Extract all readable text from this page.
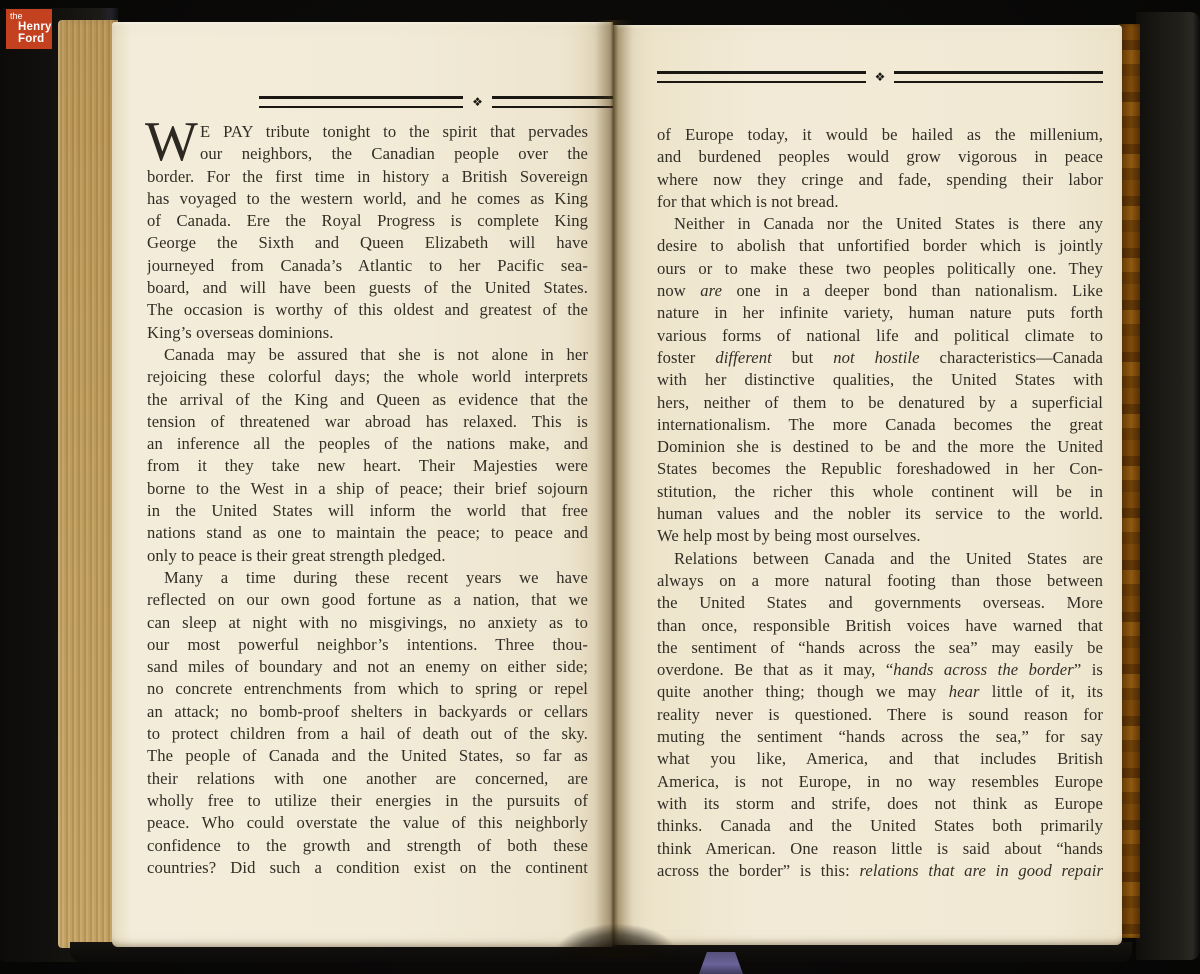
❖
❖
W E PAY tribute tonight to the spirit that pervades
our neighbors, the Canadian people over the
border. For the first time in history a British Sovereign
has voyaged to the western world, and he comes as King
of Canada. Ere the Royal Progress is complete King
George the Sixth and Queen Elizabeth will have
journeyed from Canada’s Atlantic to her Pacific sea-
board, and will have been guests of the United States.
The occasion is worthy of this oldest and greatest of the
King’s overseas dominions.
Canada may be assured that she is not alone in her
rejoicing these colorful days; the whole world interprets
the arrival of the King and Queen as evidence that the
tension of threatened war abroad has relaxed. This is
an inference all the peoples of the nations make, and
from it they take new heart. Their Majesties were
borne to the West in a ship of peace; their brief sojourn
in the United States will inform the world that free
nations stand as one to maintain the peace; to peace and
only to peace is their great strength pledged.
Many a time during these recent years we have
reflected on our own good fortune as a nation, that we
can sleep at night with no misgivings, no anxiety as to
our most powerful neighbor’s intentions. Three thou-
sand miles of boundary and not an enemy on either side;
no concrete entrenchments from which to spring or repel
an attack; no bomb-proof shelters in backyards or cellars
to protect children from a hail of death out of the sky.
The people of Canada and the United States, so far as
their relations with one another are concerned, are
wholly free to utilize their energies in the pursuits of
peace. Who could overstate the value of this neighborly
confidence to the growth and strength of both these
countries? Did such a condition exist on the continent
of Europe today, it would be hailed as the millenium,
and burdened peoples would grow vigorous in peace
where now they cringe and fade, spending their labor
for that which is not bread.
Neither in Canada nor the United States is there any
desire to abolish that unfortified border which is jointly
ours or to make these two peoples politically one. They
now are one in a deeper bond than nationalism. Like
nature in her infinite variety, human nature puts forth
various forms of national life and political climate to
foster different but not hostile characteristics—Canada
with her distinctive qualities, the United States with
hers, neither of them to be denatured by a superficial
internationalism. The more Canada becomes the great
Dominion she is destined to be and the more the United
States becomes the Republic foreshadowed in her Con-
stitution, the richer this whole continent will be in
human values and the nobler its service to the world.
We help most by being most ourselves.
Relations between Canada and the United States are
always on a more natural footing than those between
the United States and governments overseas. More
than once, responsible British voices have warned that
the sentiment of “hands across the sea” may easily be
overdone. Be that as it may, “hands across the border” is
quite another thing; though we may hear little of it, its
reality never is questioned. There is sound reason for
muting the sentiment “hands across the sea,” for say
what you like, America, and that includes British
America, is not Europe, in no way resembles Europe
with its storm and strife, does not think as Europe
thinks. Canada and the United States both primarily
think American. One reason little is said about “hands
across the border” is this: relations that are in good repair
the
Henry
Ford
